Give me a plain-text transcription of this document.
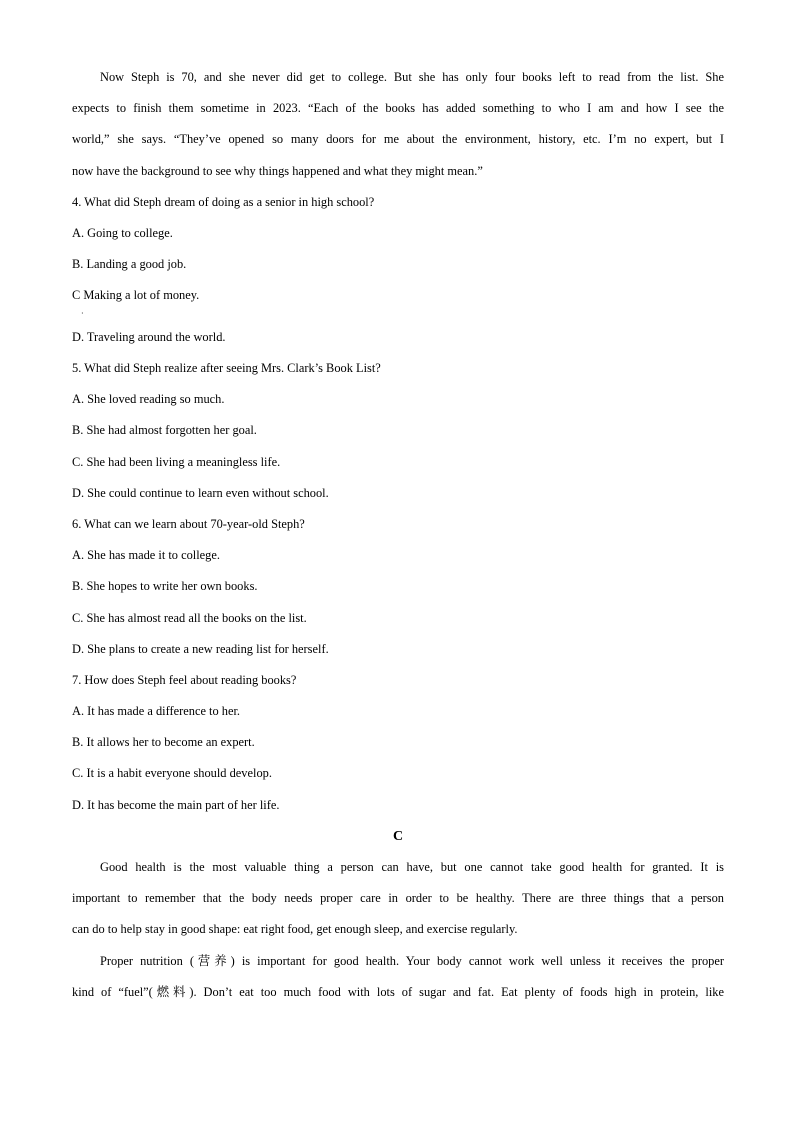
Now Steph is 70, and she never did get to college. But she has only four books left to read from the list. She
expects to finish them sometime in 2023. “Each of the books has added something to who I am and how I see the
world,” she says. “They’ve opened so many doors for me about the environment, history, etc. I’m no expert, but I
now have the background to see why things happened and what they might mean.”
4. What did Steph dream of doing as a senior in high school?
A. Going to college.
B. Landing a good job.
C Making a lot of money.
·
D. Traveling around the world.
5. What did Steph realize after seeing Mrs. Clark’s Book List?
A. She loved reading so much.
B. She had almost forgotten her goal.
C. She had been living a meaningless life.
D. She could continue to learn even without school.
6. What can we learn about 70-year-old Steph?
A. She has made it to college.
B. She hopes to write her own books.
C. She has almost read all the books on the list.
D. She plans to create a new reading list for herself.
7. How does Steph feel about reading books?
A. It has made a difference to her.
B. It allows her to become an expert.
C. It is a habit everyone should develop.
D. It has become the main part of her life.
C
Good health is the most valuable thing a person can have, but one cannot take good health for granted. It is
important to remember that the body needs proper care in order to be healthy. There are three things that a person
can do to help stay in good shape: eat right food, get enough sleep, and exercise regularly.
Proper nutrition (营养) is important for good health. Your body cannot work well unless it receives the proper
kind of “fuel”(燃料). Don’t eat too much food with lots of sugar and fat. Eat plenty of foods high in protein, like
